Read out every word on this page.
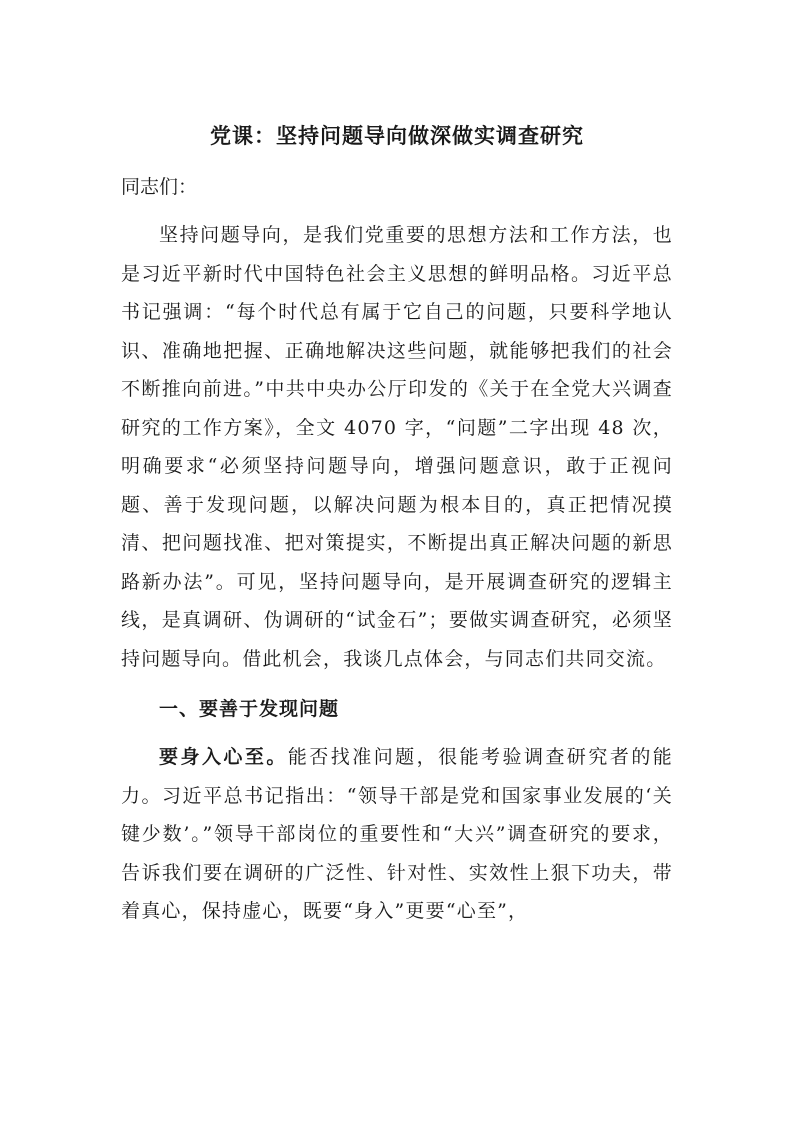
党课：坚持问题导向做深做实调查研究
同志们：

坚持问题导向，是我们党重要的思想方法和工作方法，也是习近平新时代中国特色社会主义思想的鲜明品格。习近平总书记强调：“每个时代总有属于它自己的问题，只要科学地认识、准确地把握、正确地解决这些问题，就能够把我们的社会不断推向前进。”中共中央办公厅印发的《关于在全党大兴调查研究的工作方案》，全文 4070 字，“问题”二字出现 48 次，明确要求“必须坚持问题导向，增强问题意识，敢于正视问题、善于发现问题，以解决问题为根本目的，真正把情况摸清、把问题找准、把对策提实，不断提出真正解决问题的新思路新办法”。可见，坚持问题导向，是开展调查研究的逻辑主线，是真调研、伪调研的“试金石”；要做实调查研究，必须坚持问题导向。借此机会，我谈几点体会，与同志们共同交流。

一、要善于发现问题

要身入心至。能否找准问题，很能考验调查研究者的能力。习近平总书记指出：“领导干部是党和国家事业发展的‘关键少数’。”领导干部岗位的重要性和“大兴”调查研究的要求，告诉我们要在调研的广泛性、针对性、实效性上狠下功夫，带着真心，保持虚心，既要“身入”更要“心至”，
